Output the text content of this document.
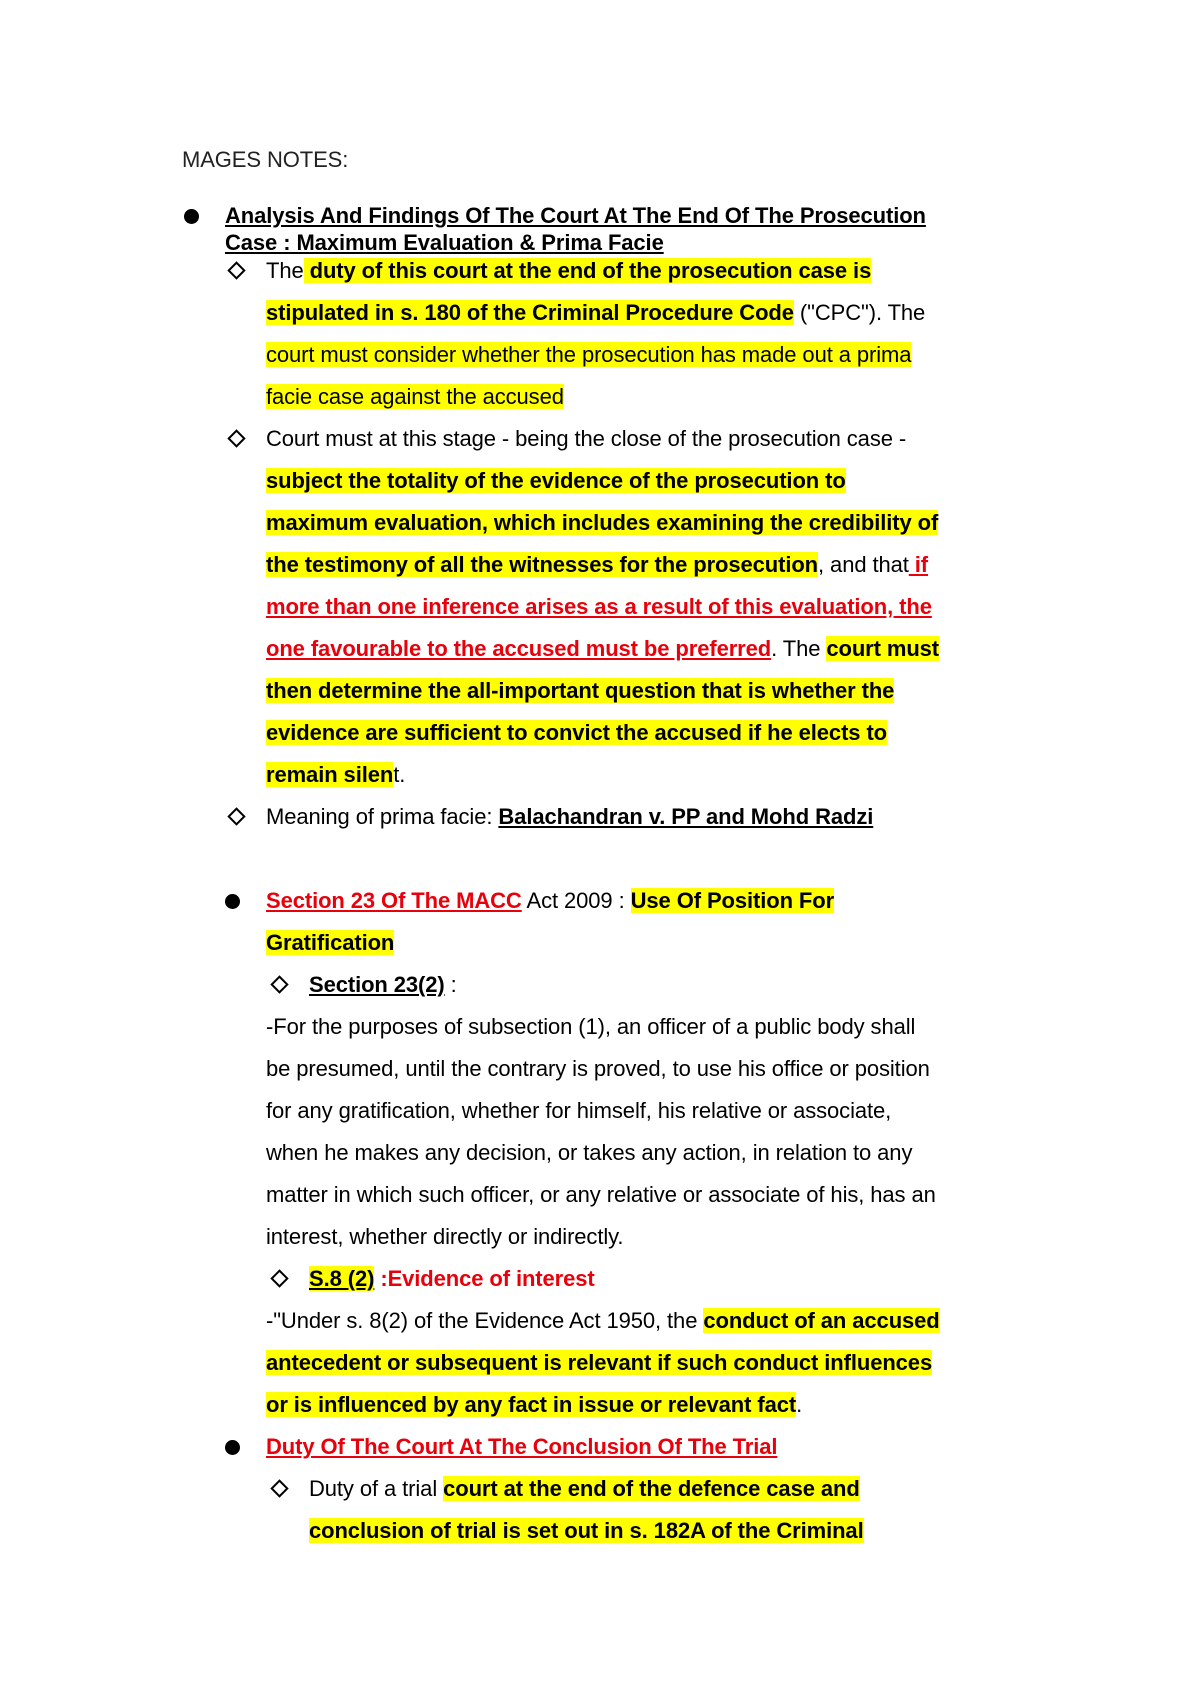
MAGES NOTES:
Analysis And Findings Of The Court At The End Of The Prosecution
Case : Maximum Evaluation & Prima Facie
The duty of this court at the end of the prosecution case is
stipulated in s. 180 of the Criminal Procedure Code ("CPC"). The
court must consider whether the prosecution has made out a prima
facie case against the accused
Court must at this stage - being the close of the prosecution case -
subject the totality of the evidence of the prosecution to
maximum evaluation, which includes examining the credibility of
the testimony of all the witnesses for the prosecution, and that if
more than one inference arises as a result of this evaluation, the
one favourable to the accused must be preferred. The court must
then determine the all-important question that is whether the
evidence are sufficient to convict the accused if he elects to
remain silent.
Meaning of prima facie: Balachandran v. PP and Mohd Radzi
Section 23 Of The MACC Act 2009 : Use Of Position For
Gratification
Section 23(2) :
-For the purposes of subsection (1), an officer of a public body shall
be presumed, until the contrary is proved, to use his office or position
for any gratification, whether for himself, his relative or associate,
when he makes any decision, or takes any action, in relation to any
matter in which such officer, or any relative or associate of his, has an
interest, whether directly or indirectly.
S.8 (2) :Evidence of interest
-"Under s. 8(2) of the Evidence Act 1950, the conduct of an accused
antecedent or subsequent is relevant if such conduct influences
or is influenced by any fact in issue or relevant fact.
Duty Of The Court At The Conclusion Of The Trial
Duty of a trial court at the end of the defence case and
conclusion of trial is set out in s. 182A of the Criminal
